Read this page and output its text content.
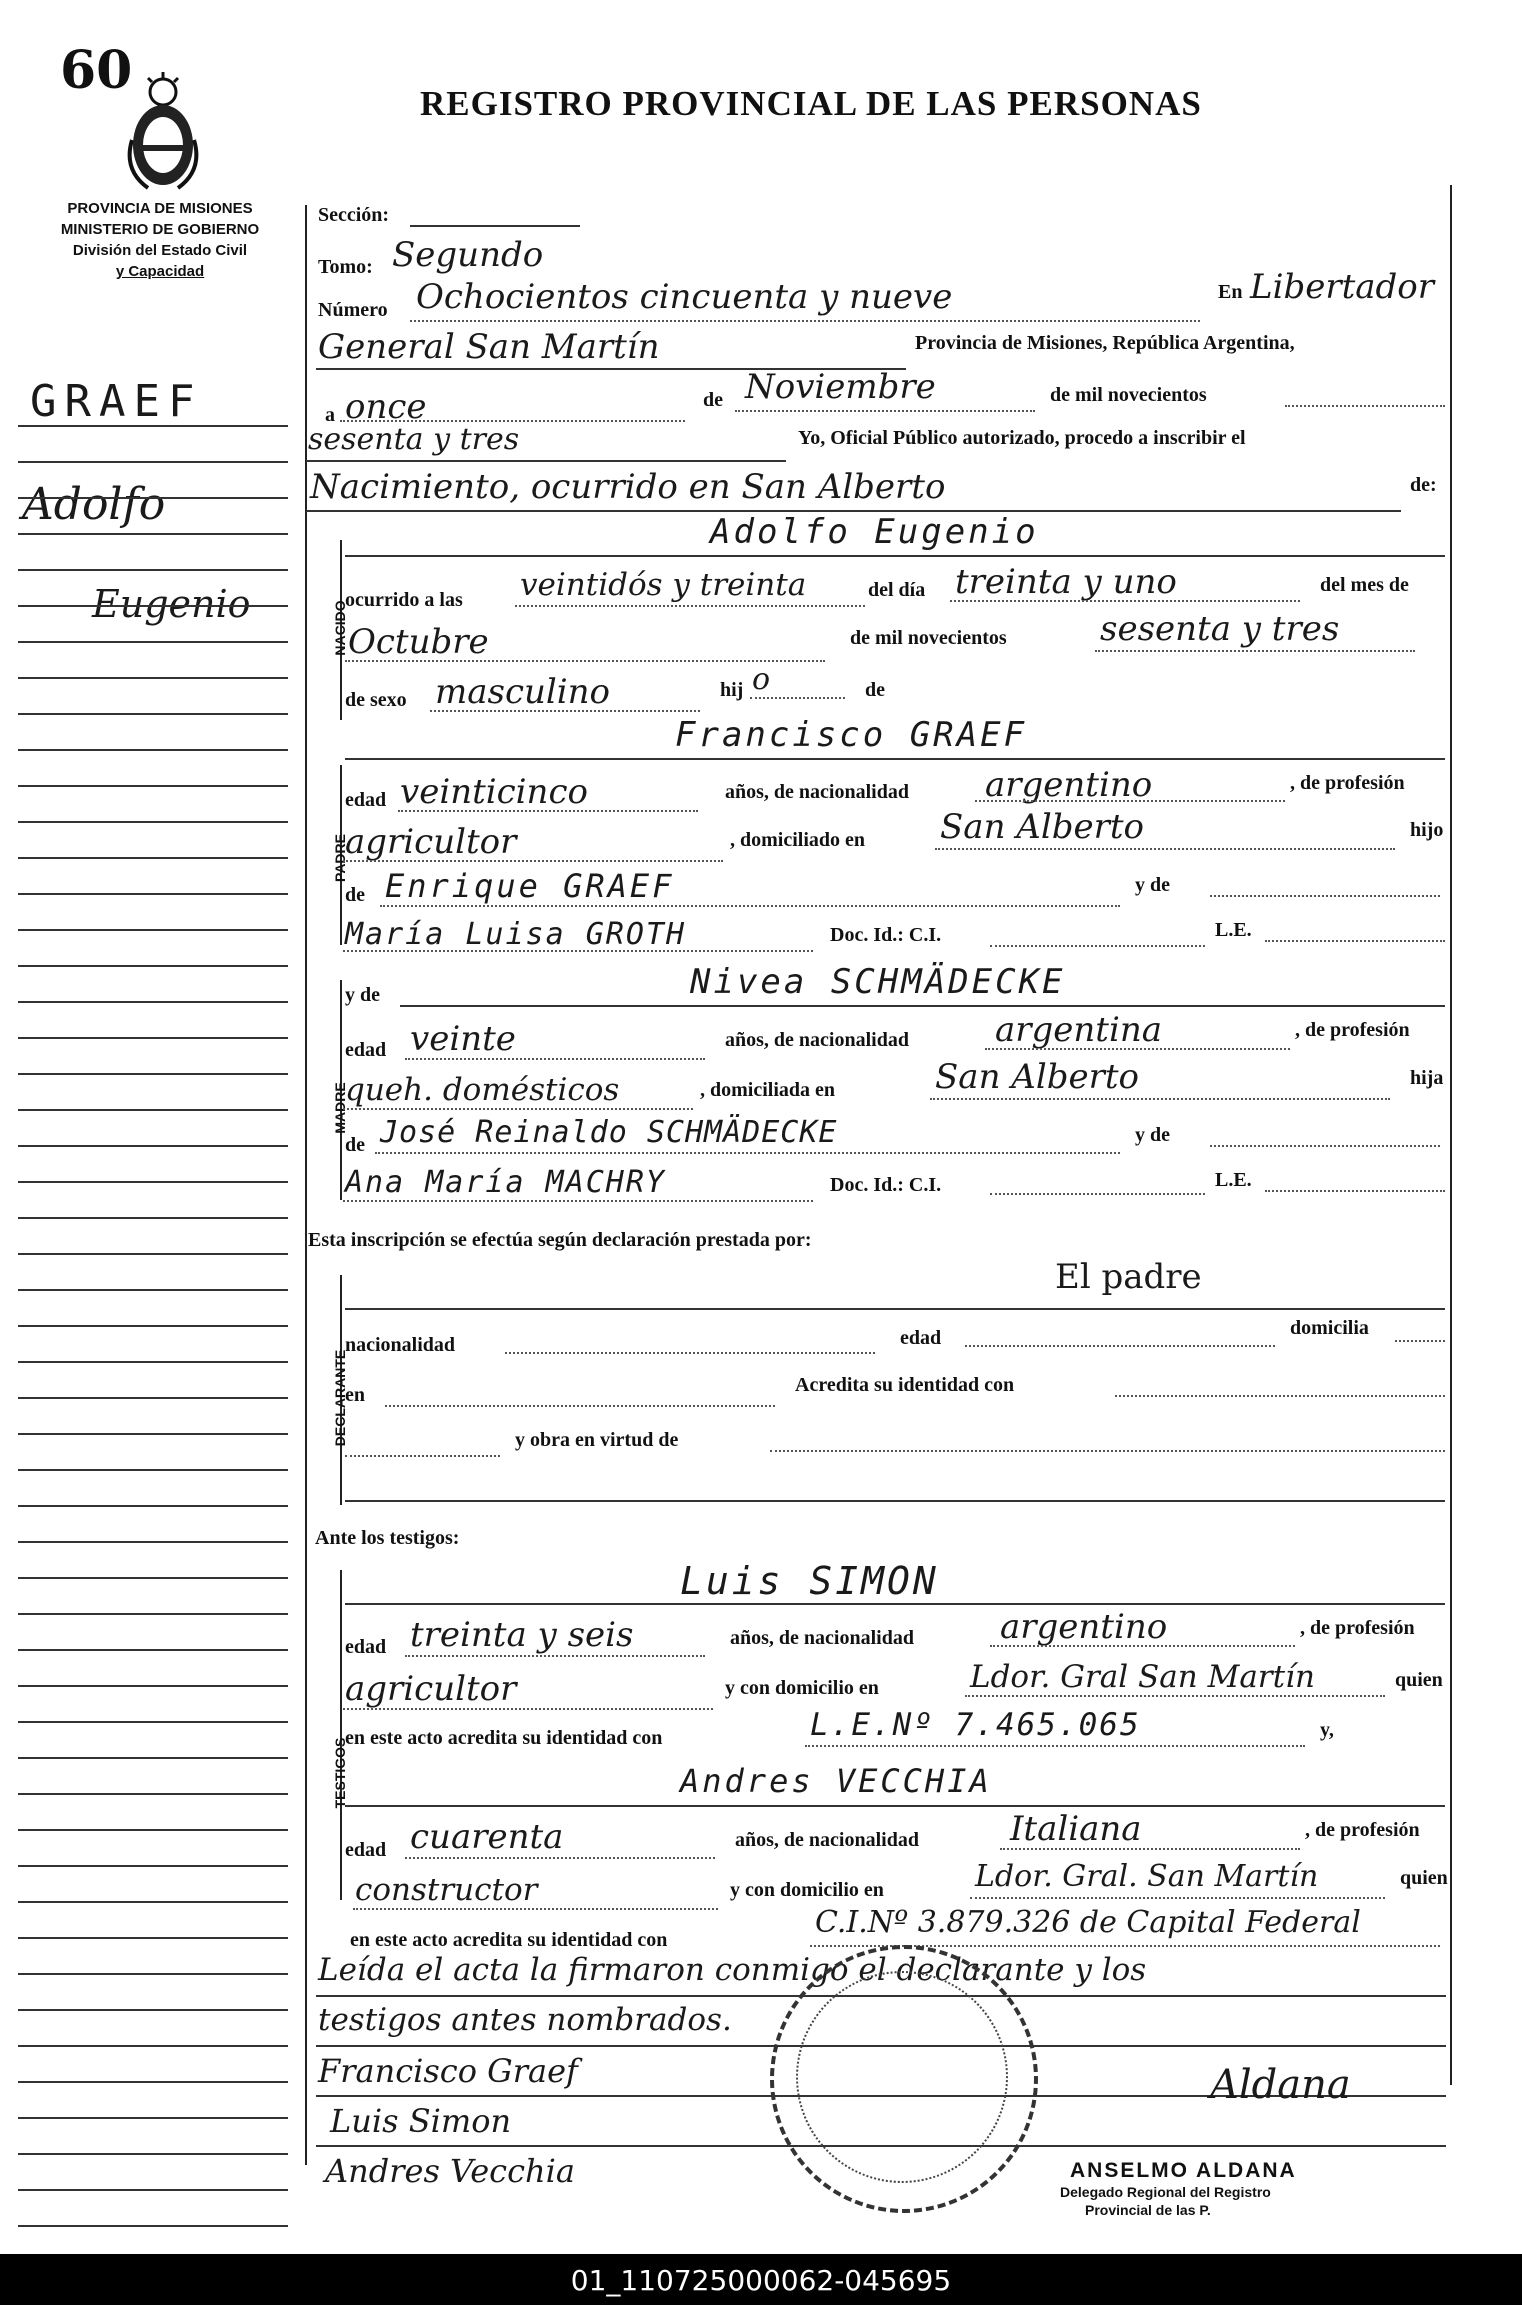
60
REGISTRO PROVINCIAL DE LAS PERSONAS
PROVINCIA DE MISIONES
MINISTERIO DE GOBIERNO
División del Estado Civil
y Capacidad
GRAEF
Adolfo
Eugenio	NACIDO
PADRE
MADRE
DECLARANTE
TESTIGOS
Sección:
Tomo: Segundo
Número Ochocientos cincuenta y nueve	En Libertador
General San Martín	Provincia de Misiones, República Argentina,
a once	de Noviembre	de mil novecientos
sesenta y tres	Yo, Oficial Público autorizado, procedo a inscribir el
Nacimiento, ocurrido en San Alberto	de:
Adolfo Eugenio
ocurrido a las veintidós y treinta	del día treinta y uno	del mes de
Octubre	de mil novecientos	sesenta y tres
de sexo masculino	hij o	de
Francisco GRAEF
edad veinticinco	años, de nacionalidad argentino	, de profesión
agricultor	, domiciliado en San Alberto	hijo
de Enrique GRAEF	y de
María Luisa GROTH	Doc. Id.: C.I.	L.E.
y de	Nivea SCHMÄDECKE
edad veinte	años, de nacionalidad	argentina	, de profesión
queh. domésticos	, domiciliada en	San Alberto	hija
de José Reinaldo SCHMÄDECKE	y de
Ana María MACHRY	Doc. Id.: C.I.	L.E.
Esta inscripción se efectúa según declaración prestada por:
El padre
nacionalidad	edad	domicilia
en	Acredita su identidad con
y obra en virtud de
Ante los testigos:
Luis SIMON
edad treinta y seis	años, de nacionalidad	argentino	, de profesión
agricultor	y con domicilio en	Ldor. Gral San Martín	quien
en este acto acredita su identidad con	L.E.Nº 7.465.065	y,
Andres VECCHIA
edad cuarenta	años, de nacionalidad	Italiana	, de profesión
constructor	y con domicilio en	Ldor. Gral. San Martín	quien
en este acto acredita su identidad con	C.I.Nº 3.879.326 de Capital Federal
Leída el acta la firmaron conmigo el declarante y los
testigos antes nombrados.
Francisco Graef
Luis Simon
Andres Vecchia
Aldana
ANSELMO ALDANA
Delegado Regional del Registro
Provincial de las P.
01_110725000062-045695
